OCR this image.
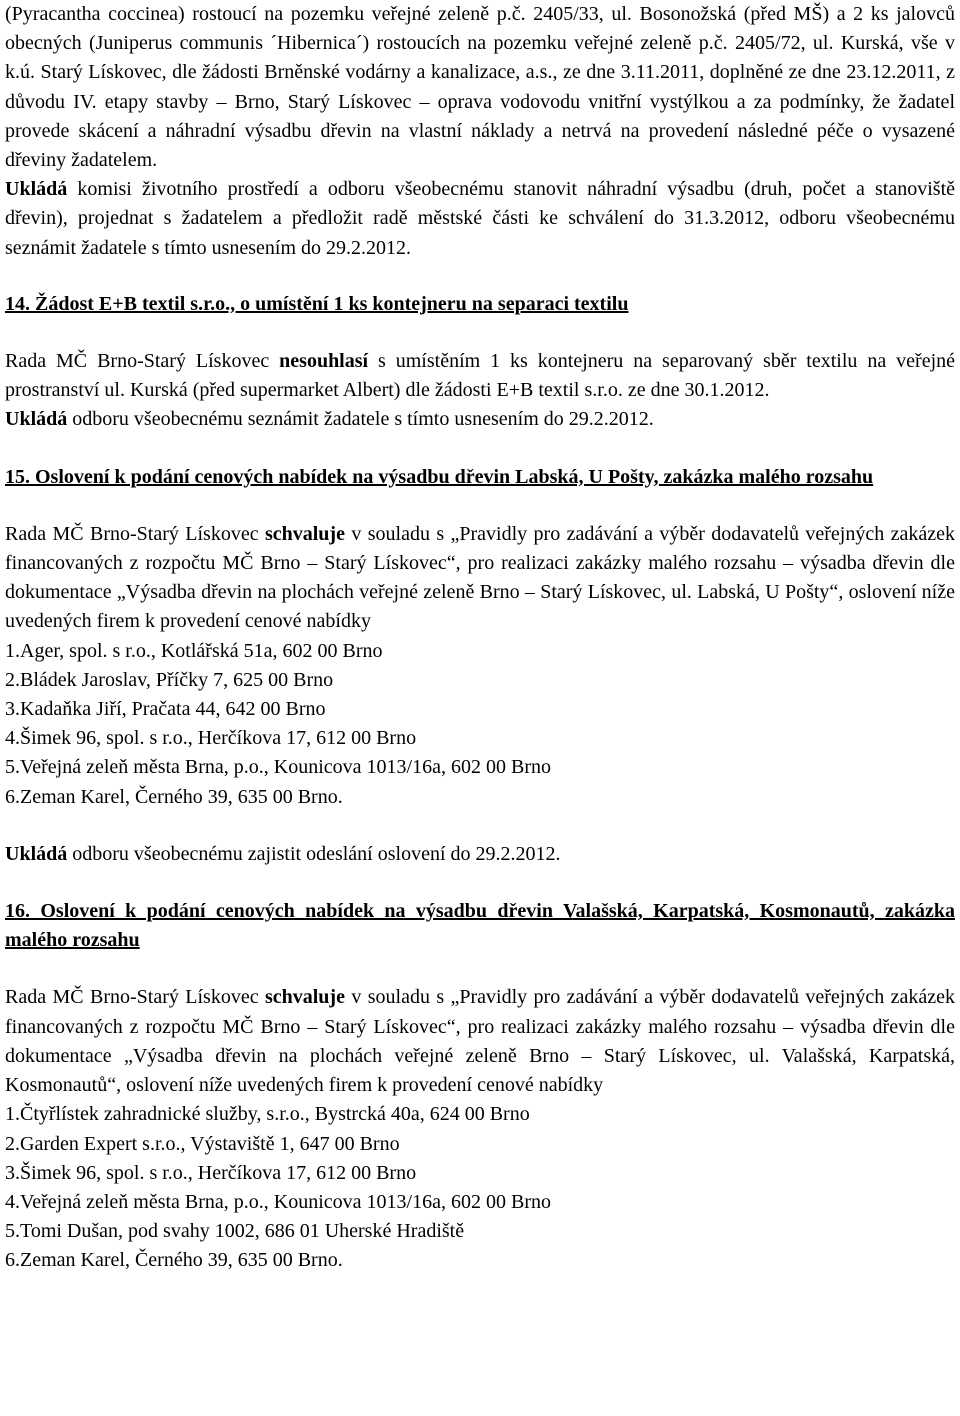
(Pyracantha coccinea) rostoucí na pozemku veřejné zeleně p.č. 2405/33, ul. Bosonožská (před MŠ) a 2 ks jalovců obecných (Juniperus communis ´Hibernica´) rostoucích na pozemku veřejné zeleně p.č. 2405/72, ul. Kurská, vše v k.ú. Starý Lískovec, dle žádosti Brněnské vodárny a kanalizace, a.s., ze dne 3.11.2011, doplněné ze dne 23.12.2011, z důvodu IV. etapy stavby – Brno, Starý Lískovec – oprava vodovodu vnitřní vystýlkou a za podmínky, že žadatel provede skácení a náhradní výsadbu dřevin na vlastní náklady a netrvá na provedení následné péče o vysazené dřeviny žadatelem.

Ukládá komisi životního prostředí a odboru všeobecnému stanovit náhradní výsadbu (druh, počet a stanoviště dřevin), projednat s žadatelem a předložit radě městské části ke schválení do 31.3.2012, odboru všeobecnému seznámit žadatele s tímto usnesením do 29.2.2012.

14. Žádost E+B textil s.r.o., o umístění 1 ks kontejneru na separaci textilu

Rada MČ Brno-Starý Lískovec nesouhlasí s umístěním 1 ks kontejneru na separovaný sběr textilu na veřejné prostranství ul. Kurská (před supermarket Albert) dle žádosti E+B textil s.r.o. ze dne 30.1.2012.

Ukládá odboru všeobecnému seznámit žadatele s tímto usnesením do 29.2.2012.

15. Oslovení k podání cenových nabídek na výsadbu dřevin Labská, U Pošty, zakázka malého rozsahu

Rada MČ Brno-Starý Lískovec schvaluje v souladu s „Pravidly pro zadávání a výběr dodavatelů veřejných zakázek financovaných z rozpočtu MČ Brno – Starý Lískovec“, pro realizaci zakázky malého rozsahu – výsadba dřevin dle dokumentace „Výsadba dřevin na plochách veřejné zeleně Brno – Starý Lískovec, ul. Labská, U Pošty“, oslovení níže uvedených firem k provedení cenové nabídky

1.Ager, spol. s r.o., Kotlářská 51a, 602 00 Brno

2.Bládek Jaroslav, Příčky 7, 625 00 Brno

3.Kadaňka Jiří, Pračata 44, 642 00 Brno

4.Šimek 96, spol. s r.o., Herčíkova 17, 612 00 Brno

5.Veřejná zeleň města Brna, p.o., Kounicova 1013/16a, 602 00 Brno

6.Zeman Karel, Černého 39, 635 00 Brno.

Ukládá odboru všeobecnému zajistit odeslání oslovení do 29.2.2012.

16. Oslovení k podání cenových nabídek na výsadbu dřevin Valašská, Karpatská, Kosmonautů, zakázka malého rozsahu

Rada MČ Brno-Starý Lískovec schvaluje v souladu s „Pravidly pro zadávání a výběr dodavatelů veřejných zakázek financovaných z rozpočtu MČ Brno – Starý Lískovec“, pro realizaci zakázky malého rozsahu – výsadba dřevin dle dokumentace „Výsadba dřevin na plochách veřejné zeleně Brno – Starý Lískovec, ul. Valašská, Karpatská, Kosmonautů“, oslovení níže uvedených firem k provedení cenové nabídky

1.Čtyřlístek zahradnické služby, s.r.o., Bystrcká 40a, 624 00 Brno

2.Garden Expert s.r.o., Výstaviště 1, 647 00 Brno

3.Šimek 96, spol. s r.o., Herčíkova 17, 612 00 Brno

4.Veřejná zeleň města Brna, p.o., Kounicova 1013/16a, 602 00 Brno

5.Tomi Dušan, pod svahy 1002, 686 01 Uherské Hradiště

6.Zeman Karel, Černého 39, 635 00 Brno.
